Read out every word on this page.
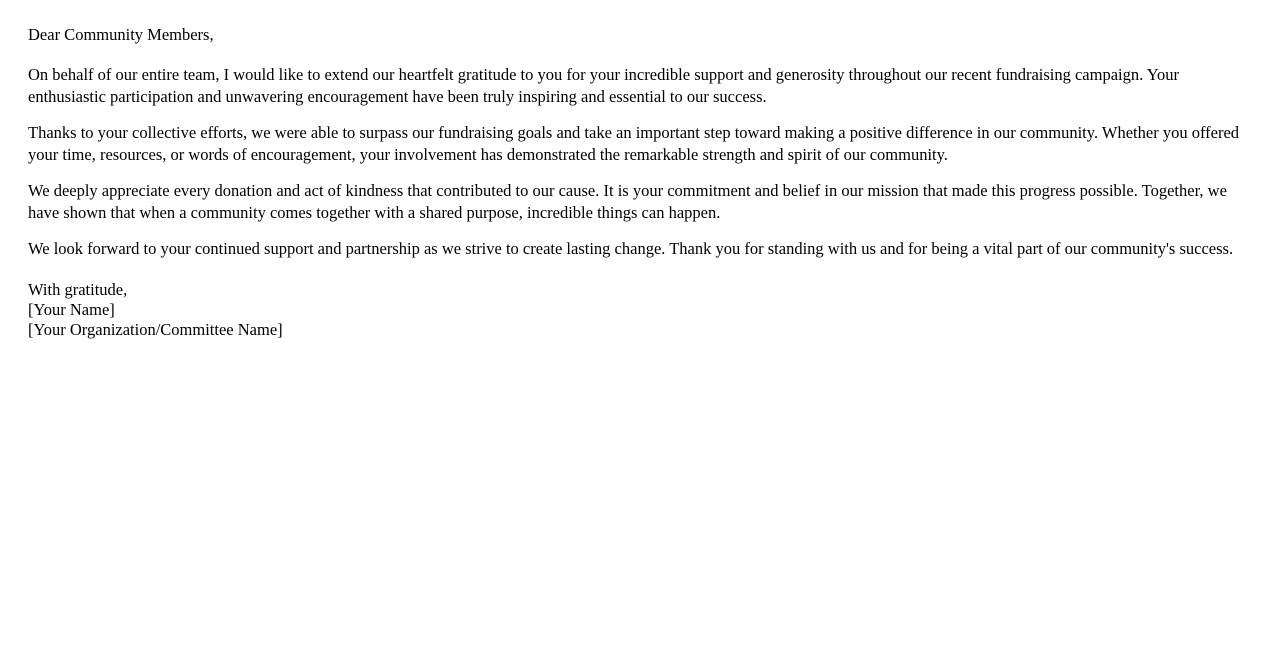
Dear Community Members,

On behalf of our entire team, I would like to extend our heartfelt gratitude to you for your incredible support and generosity throughout our recent fundraising campaign. Your enthusiastic participation and unwavering encouragement have been truly inspiring and essential to our success.

Thanks to your collective efforts, we were able to surpass our fundraising goals and take an important step toward making a positive difference in our community. Whether you offered your time, resources, or words of encouragement, your involvement has demonstrated the remarkable strength and spirit of our community.

We deeply appreciate every donation and act of kindness that contributed to our cause. It is your commitment and belief in our mission that made this progress possible. Together, we have shown that when a community comes together with a shared purpose, incredible things can happen.

We look forward to your continued support and partnership as we strive to create lasting change. Thank you for standing with us and for being a vital part of our community's success.

With gratitude,
[Your Name]
[Your Organization/Committee Name]
